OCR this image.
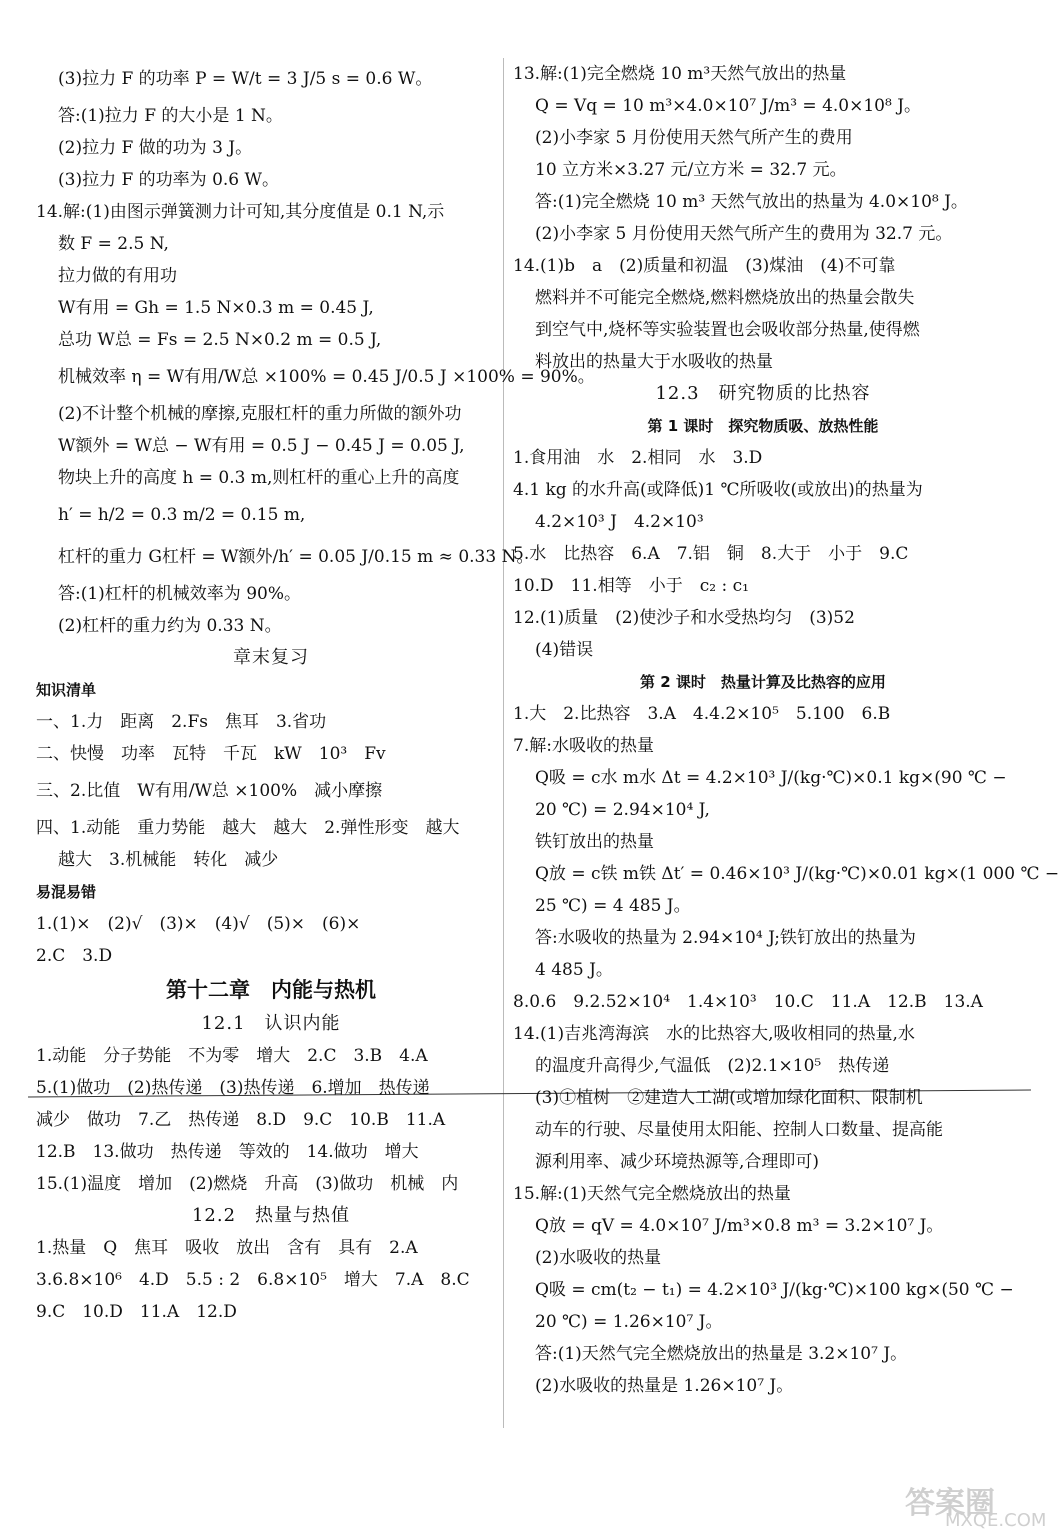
(3)拉力 F 的功率 P = W/t = 3 J/5 s = 0.6 W。
答:(1)拉力 F 的大小是 1 N。
(2)拉力 F 做的功为 3 J。
(3)拉力 F 的功率为 0.6 W。
14.解:(1)由图示弹簧测力计可知,其分度值是 0.1 N,示
数 F = 2.5 N,
拉力做的有用功
W有用 = Gh = 1.5 N×0.3 m = 0.45 J,
总功 W总 = Fs = 2.5 N×0.2 m = 0.5 J,
机械效率 η = W有用/W总 ×100% = 0.45 J/0.5 J ×100% = 90%。
(2)不计整个机械的摩擦,克服杠杆的重力所做的额外功
W额外 = W总 − W有用 = 0.5 J − 0.45 J = 0.05 J,
物块上升的高度 h = 0.3 m,则杠杆的重心上升的高度
h′ = h/2 = 0.3 m/2 = 0.15 m,
杠杆的重力 G杠杆 = W额外/h′ = 0.05 J/0.15 m ≈ 0.33 N。
答:(1)杠杆的机械效率为 90%。
(2)杠杆的重力约为 0.33 N。
章末复习
知识清单
一、1.力　距离　2.Fs　焦耳　3.省功
二、快慢　功率　瓦特　千瓦　kW　10³　Fv
三、2.比值　W有用/W总 ×100%　减小摩擦
四、1.动能　重力势能　越大　越大　2.弹性形变　越大
越大　3.机械能　转化　减少
易混易错
1.(1)×　(2)√　(3)×　(4)√　(5)×　(6)×
2.C　3.D
第十二章　内能与热机
12.1　认识内能
1.动能　分子势能　不为零　增大　2.C　3.B　4.A
5.(1)做功　(2)热传递　(3)热传递　6.增加　热传递
减少　做功　7.乙　热传递　8.D　9.C　10.B　11.A
12.B　13.做功　热传递　等效的　14.做功　增大
15.(1)温度　增加　(2)燃烧　升高　(3)做功　机械　内
12.2　热量与热值
1.热量　Q　焦耳　吸收　放出　含有　具有　2.A
3.6.8×10⁶　4.D　5.5 : 2　6.8×10⁵　增大　7.A　8.C
9.C　10.D　11.A　12.D
13.解:(1)完全燃烧 10 m³天然气放出的热量
Q = Vq = 10 m³×4.0×10⁷ J/m³ = 4.0×10⁸ J。
(2)小李家 5 月份使用天然气所产生的费用
10 立方米×3.27 元/立方米 = 32.7 元。
答:(1)完全燃烧 10 m³ 天然气放出的热量为 4.0×10⁸ J。
(2)小李家 5 月份使用天然气所产生的费用为 32.7 元。
14.(1)b　a　(2)质量和初温　(3)煤油　(4)不可靠
燃料并不可能完全燃烧,燃料燃烧放出的热量会散失
到空气中,烧杯等实验装置也会吸收部分热量,使得燃
料放出的热量大于水吸收的热量
12.3　研究物质的比热容
第 1 课时　探究物质吸、放热性能
1.食用油　水　2.相同　水　3.D
4.1 kg 的水升高(或降低)1 ℃所吸收(或放出)的热量为
4.2×10³ J　4.2×10³
5.水　比热容　6.A　7.铝　铜　8.大于　小于　9.C
10.D　11.相等　小于　c₂ : c₁
12.(1)质量　(2)使沙子和水受热均匀　(3)52
(4)错误
第 2 课时　热量计算及比热容的应用
1.大　2.比热容　3.A　4.4.2×10⁵　5.100　6.B
7.解:水吸收的热量
Q吸 = c水 m水 Δt = 4.2×10³ J/(kg·℃)×0.1 kg×(90 ℃ −
20 ℃) = 2.94×10⁴ J,
铁钉放出的热量
Q放 = c铁 m铁 Δt′ = 0.46×10³ J/(kg·℃)×0.01 kg×(1 000 ℃ −
25 ℃) = 4 485 J。
答:水吸收的热量为 2.94×10⁴ J;铁钉放出的热量为
4 485 J。
8.0.6　9.2.52×10⁴　1.4×10³　10.C　11.A　12.B　13.A
14.(1)吉兆湾海滨　水的比热容大,吸收相同的热量,水
的温度升高得少,气温低　(2)2.1×10⁵　热传递
(3)①植树　②建造人工湖(或增加绿化面积、限制机
动车的行驶、尽量使用太阳能、控制人口数量、提高能
源利用率、减少环境热源等,合理即可)
15.解:(1)天然气完全燃烧放出的热量
Q放 = qV = 4.0×10⁷ J/m³×0.8 m³ = 3.2×10⁷ J。
(2)水吸收的热量
Q吸 = cm(t₂ − t₁) = 4.2×10³ J/(kg·℃)×100 kg×(50 ℃ −
20 ℃) = 1.26×10⁷ J。
答:(1)天然气完全燃烧放出的热量是 3.2×10⁷ J。
(2)水吸收的热量是 1.26×10⁷ J。
答案圈
MXQE.COM
